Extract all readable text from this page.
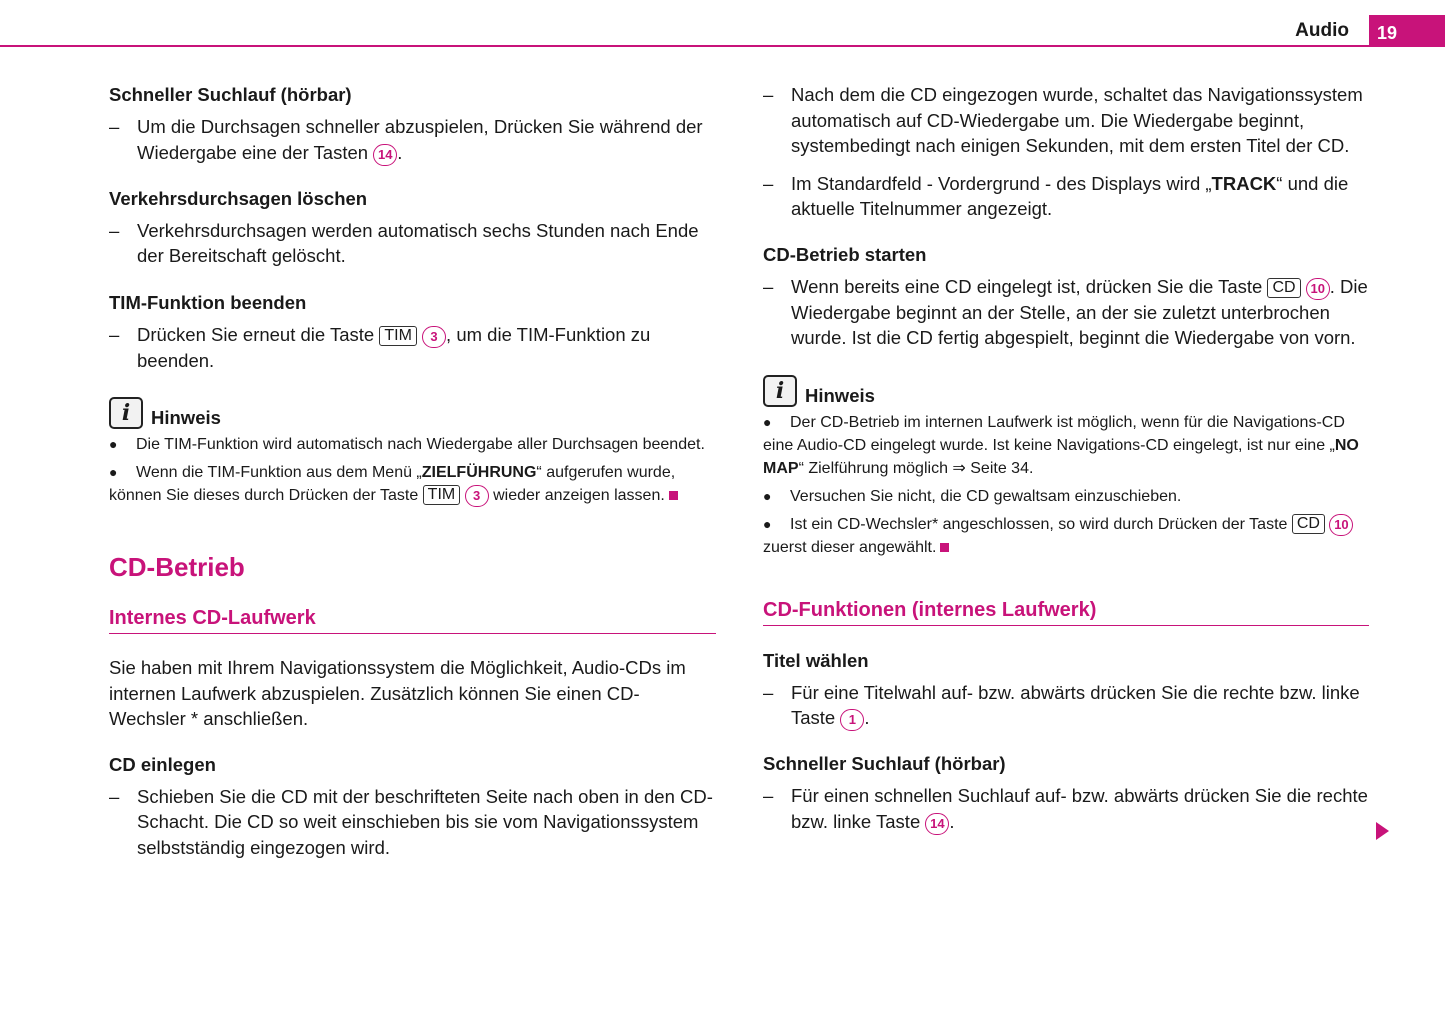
Audio	19
Schneller Suchlauf (hörbar)
– Um die Durchsagen schneller abzuspielen, Drücken Sie während der Wiedergabe eine der Tasten 14 .
Verkehrsdurchsagen löschen
– Verkehrsdurchsagen werden automatisch sechs Stunden nach Ende der Bereitschaft gelöscht.
TIM-Funktion beenden
– Drücken Sie erneut die Taste TIM 3 , um die TIM-Funktion zu beenden.
i	Hinweis
● Die TIM-Funktion wird automatisch nach Wiedergabe aller Durchsagen beendet.
● Wenn die TIM-Funktion aus dem Menü „ZIELFÜHRUNG“ aufgerufen wurde, können Sie dieses durch Drücken der Taste TIM 3 wieder anzeigen lassen.
CD-Betrieb
Internes CD-Laufwerk

Sie haben mit Ihrem Navigationssystem die Möglichkeit, Audio-CDs im internen Laufwerk abzuspielen. Zusätzlich können Sie einen CD-Wechsler * anschließen.

CD einlegen
– Schieben Sie die CD mit der beschrifteten Seite nach oben in den CD-Schacht. Die CD so weit einschieben bis sie vom Navigationssystem selbstständig eingezogen wird.
– Nach dem die CD eingezogen wurde, schaltet das Navigationssystem automatisch auf CD-Wiedergabe um. Die Wiedergabe beginnt, systembedingt nach einigen Sekunden, mit dem ersten Titel der CD.
– Im Standardfeld - Vordergrund - des Displays wird „TRACK“ und die aktuelle Titelnummer angezeigt.
CD-Betrieb starten
– Wenn bereits eine CD eingelegt ist, drücken Sie die Taste CD 10 . Die Wiedergabe beginnt an der Stelle, an der sie zuletzt unterbrochen wurde. Ist die CD fertig abgespielt, beginnt die Wiedergabe von vorn.
i	Hinweis
● Der CD-Betrieb im internen Laufwerk ist möglich, wenn für die Navigations-CD eine Audio-CD eingelegt wurde. Ist keine Navigations-CD eingelegt, ist nur eine „NO MAP“ Zielführung möglich ⇒ Seite 34.
● Versuchen Sie nicht, die CD gewaltsam einzuschieben.
● Ist ein CD-Wechsler* angeschlossen, so wird durch Drücken der Taste CD 10 zuerst dieser angewählt.
CD-Funktionen (internes Laufwerk)
Titel wählen
– Für eine Titelwahl auf- bzw. abwärts drücken Sie die rechte bzw. linke Taste 1 .
Schneller Suchlauf (hörbar)
– Für einen schnellen Suchlauf auf- bzw. abwärts drücken Sie die rechte bzw. linke Taste 14 .
